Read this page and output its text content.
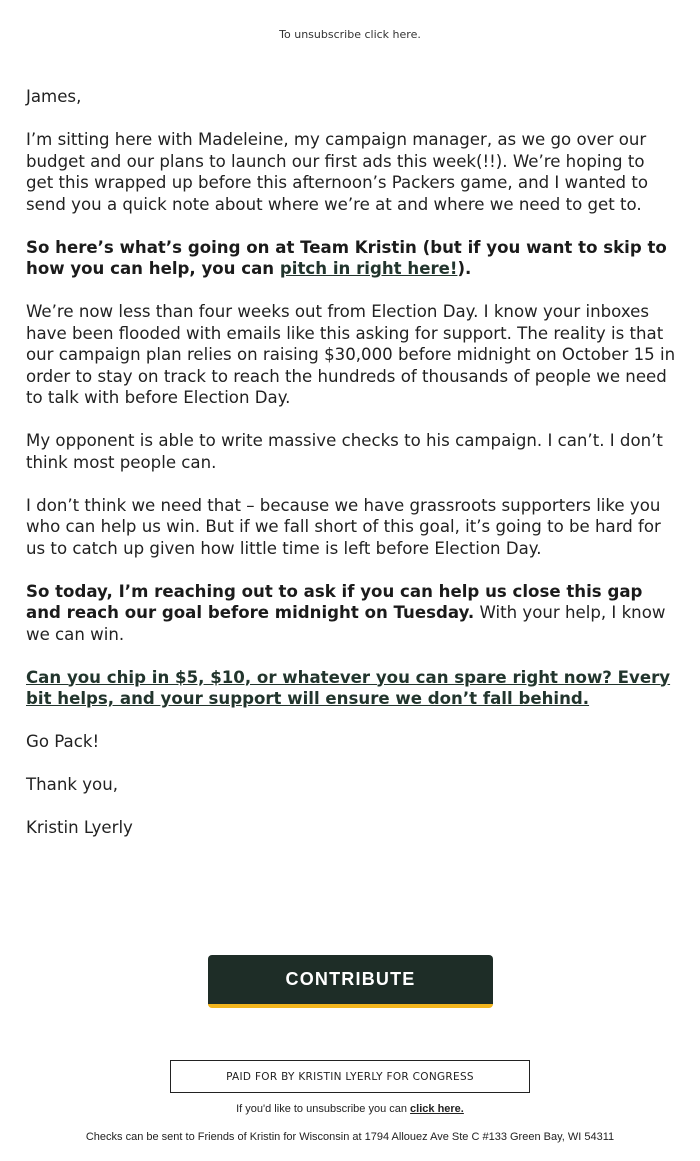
To unsubscribe click here.

James,

I’m sitting here with Madeleine, my campaign manager, as we go over our budget and our plans to launch our first ads this week(!!). We’re hoping to get this wrapped up before this afternoon’s Packers game, and I wanted to send you a quick note about where we’re at and where we need to get to.

So here’s what’s going on at Team Kristin (but if you want to skip to how you can help, you can pitch in right here!).

We’re now less than four weeks out from Election Day. I know your inboxes have been flooded with emails like this asking for support. The reality is that our campaign plan relies on raising $30,000 before midnight on October 15 in order to stay on track to reach the hundreds of thousands of people we need to talk with before Election Day.

My opponent is able to write massive checks to his campaign. I can’t. I don’t think most people can.

I don’t think we need that – because we have grassroots supporters like you who can help us win. But if we fall short of this goal, it’s going to be hard for us to catch up given how little time is left before Election Day.

So today, I’m reaching out to ask if you can help us close this gap and reach our goal before midnight on Tuesday. With your help, I know we can win.

Can you chip in $5, $10, or whatever you can spare right now? Every bit helps, and your support will ensure we don’t fall behind.

Go Pack!

Thank you,

Kristin Lyerly

CONTRIBUTE
PAID FOR BY KRISTIN LYERLY FOR CONGRESS
If you'd like to unsubscribe you can click here.
Checks can be sent to Friends of Kristin for Wisconsin at 1794 Allouez Ave Ste C #133 Green Bay, WI 54311
